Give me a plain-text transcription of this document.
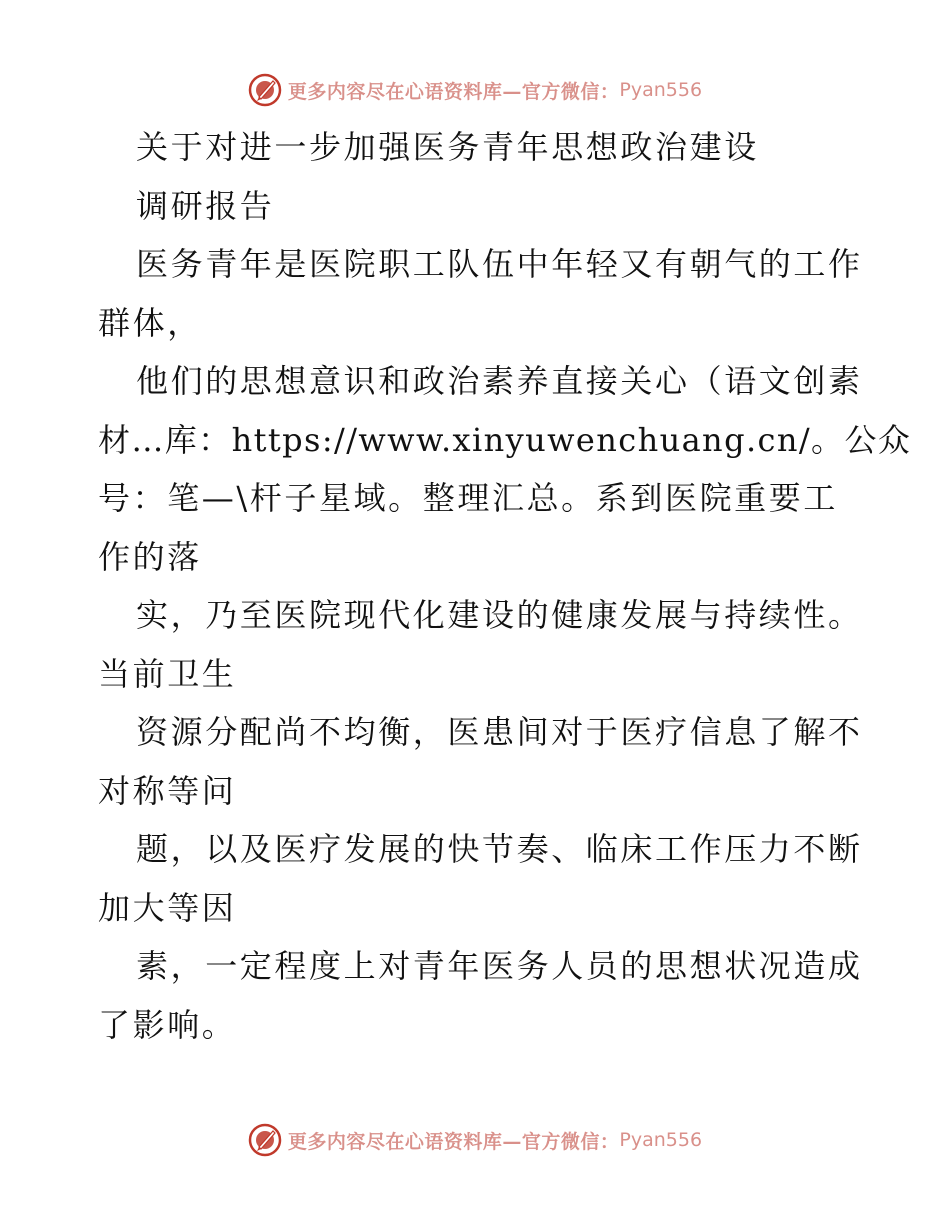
更多内容尽在心语资料库—官方微信： Pyan556
关于对进一步加强医务青年思想政治建设
调研报告
医务青年是医院职工队伍中年轻又有朝气的工作
群体，
他们的思想意识和政治素养直接关心（语文创素
材…库：https://www.xinyuwenchuang.cn/。公众
号：笔—\杆子星域。整理汇总。系到医院重要工
作的落
实，乃至医院现代化建设的健康发展与持续性。
当前卫生
资源分配尚不均衡，医患间对于医疗信息了解不
对称等问
题，以及医疗发展的快节奏、临床工作压力不断
加大等因
素，一定程度上对青年医务人员的思想状况造成
了影响。
更多内容尽在心语资料库—官方微信： Pyan556
